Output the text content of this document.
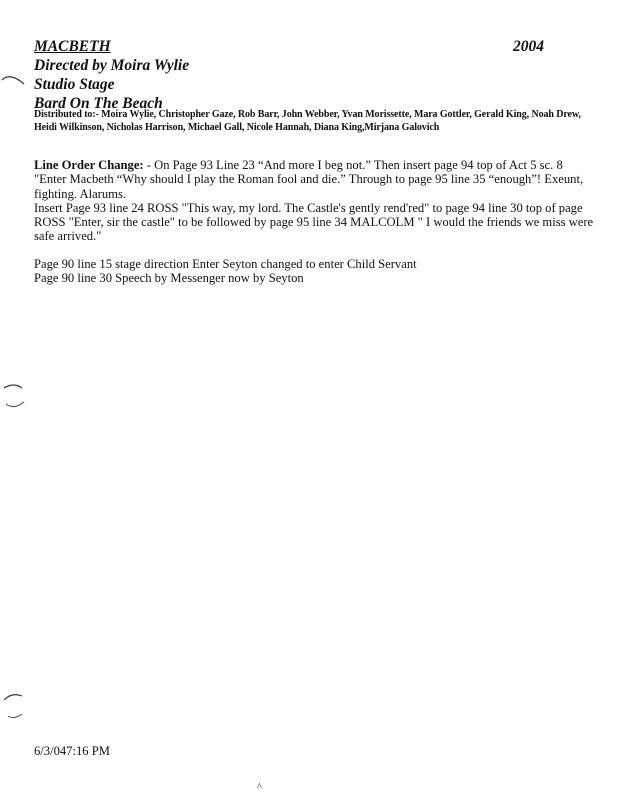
MACBETH

Directed by Moira Wylie

Studio Stage

Bard On The Beach

2004
Distributed to:- Moira Wylie, Christopher Gaze, Rob Barr, John Webber, Yvan Morissette, Mara Gottler, Gerald King, Noah Drew, Heidi Wilkinson, Nicholas Harrison, Michael Gall, Nicole Hannah, Diana King,Mirjana Galovich

Line Order Change: - On Page 93 Line 23 “And more I beg not.” Then insert page 94 top of Act 5 sc. 8 "Enter Macbeth “Why should I play the Roman fool and die.” Through to page 95 line 35 “enough”! Exeunt, fighting. Alarums.

Insert Page 93 line 24 ROSS "This way, my lord. The Castle's gently rend'red" to page 94 line 30 top of page ROSS "Enter, sir the castle" to be followed by page 95 line 34 MALCOLM " I would the friends we miss were safe arrived."

Page 90 line 15 stage direction Enter Seyton changed to enter Child Servant

Page 90 line 30 Speech by Messenger now by Seyton

6/3/047:16 PM
^
